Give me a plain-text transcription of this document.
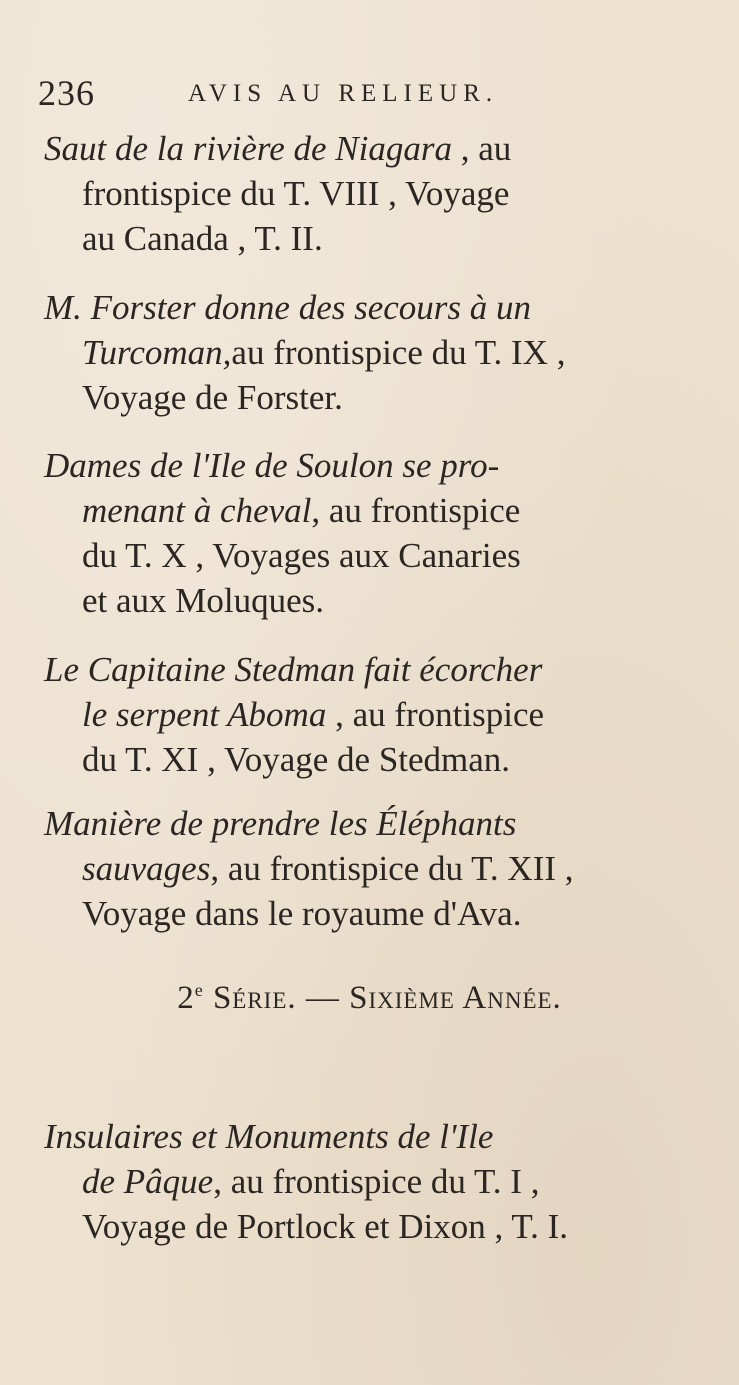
236	AVIS AU RELIEUR.
Saut de la rivière de Niagara , au
frontispice du T. VIII , Voyage
au Canada , T. II.
M. Forster donne des secours à un
Turcoman,au frontispice du T. IX ,
Voyage de Forster.
Dames de l'Ile de Soulon se pro-
menant à cheval, au frontispice
du T. X , Voyages aux Canaries
et aux Moluques.
Le Capitaine Stedman fait écorcher
le serpent Aboma , au frontispice
du T. XI , Voyage de Stedman.
Manière de prendre les Éléphants
sauvages, au frontispice du T. XII ,
Voyage dans le royaume d'Ava.
2e Série. — Sixième Année.
Insulaires et Monuments de l'Ile
de Pâque, au frontispice du T. I ,
Voyage de Portlock et Dixon , T. I.
